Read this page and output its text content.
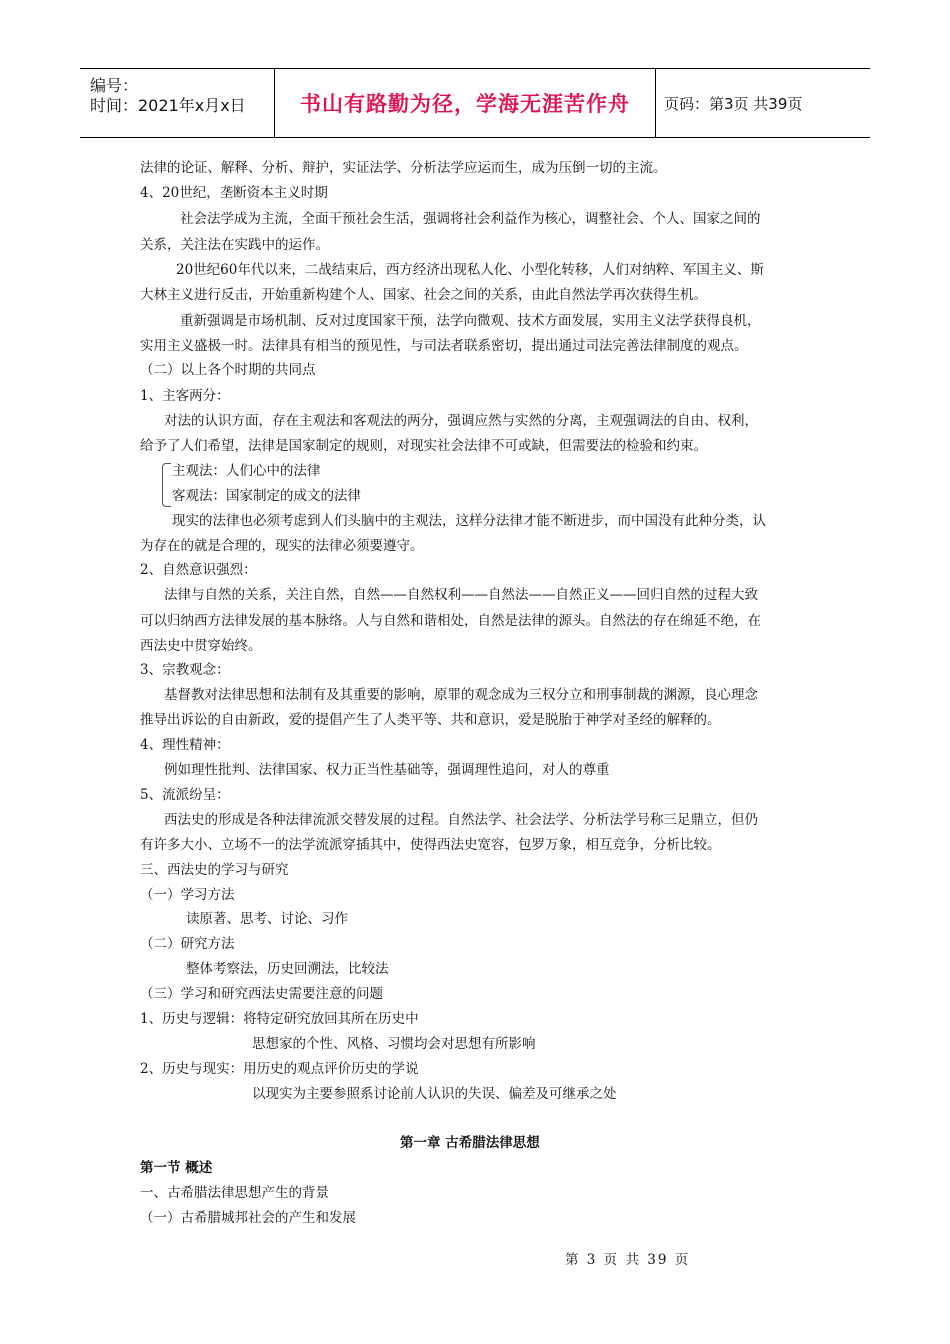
编号：
时间：2021年x月x日	书山有路勤为径，学海无涯苦作舟	页码：第3页 共39页
法律的论证、解释、分析、辩护，实证法学、分析法学应运而生，成为压倒一切的主流。
4、20世纪，垄断资本主义时期
社会法学成为主流，全面干预社会生活，强调将社会利益作为核心，调整社会、个人、国家之间的
关系，关注法在实践中的运作。
20世纪60年代以来，二战结束后，西方经济出现私人化、小型化转移，人们对纳粹、军国主义、斯
大林主义进行反击，开始重新构建个人、国家、社会之间的关系，由此自然法学再次获得生机。
重新强调是市场机制、反对过度国家干预，法学向微观、技术方面发展，实用主义法学获得良机，
实用主义盛极一时。法律具有相当的预见性，与司法者联系密切，提出通过司法完善法律制度的观点。
（二）以上各个时期的共同点
1、主客两分：
对法的认识方面，存在主观法和客观法的两分，强调应然与实然的分离，主观强调法的自由、权利，
给予了人们希望，法律是国家制定的规则，对现实社会法律不可或缺，但需要法的检验和约束。
主观法：人们心中的法律
客观法：国家制定的成文的法律
现实的法律也必须考虑到人们头脑中的主观法，这样分法律才能不断进步，而中国没有此种分类，认
为存在的就是合理的，现实的法律必须要遵守。
2、自然意识强烈：
法律与自然的关系，关注自然，自然——自然权利——自然法——自然正义——回归自然的过程大致
可以归纳西方法律发展的基本脉络。人与自然和谐相处，自然是法律的源头。自然法的存在绵延不绝，在
西法史中贯穿始终。
3、宗教观念：
基督教对法律思想和法制有及其重要的影响，原罪的观念成为三权分立和刑事制裁的渊源，良心理念
推导出诉讼的自由新政，爱的提倡产生了人类平等、共和意识，爱是脱胎于神学对圣经的解释的。
4、理性精神：
例如理性批判、法律国家、权力正当性基础等，强调理性追问，对人的尊重
5、流派纷呈：
西法史的形成是各种法律流派交替发展的过程。自然法学、社会法学、分析法学号称三足鼎立，但仍
有许多大小、立场不一的法学流派穿插其中，使得西法史宽容，包罗万象，相互竞争，分析比较。
三、西法史的学习与研究
（一）学习方法
读原著、思考、讨论、习作
（二）研究方法
整体考察法，历史回溯法，比较法
（三）学习和研究西法史需要注意的问题
1、历史与逻辑：将特定研究放回其所在历史中
思想家的个性、风格、习惯均会对思想有所影响
2、历史与现实：用历史的观点评价历史的学说
以现实为主要参照系讨论前人认识的失误、偏差及可继承之处
第一章 古希腊法律思想
第一节 概述
一、古希腊法律思想产生的背景
（一）古希腊城邦社会的产生和发展
第 3 页 共 39 页
